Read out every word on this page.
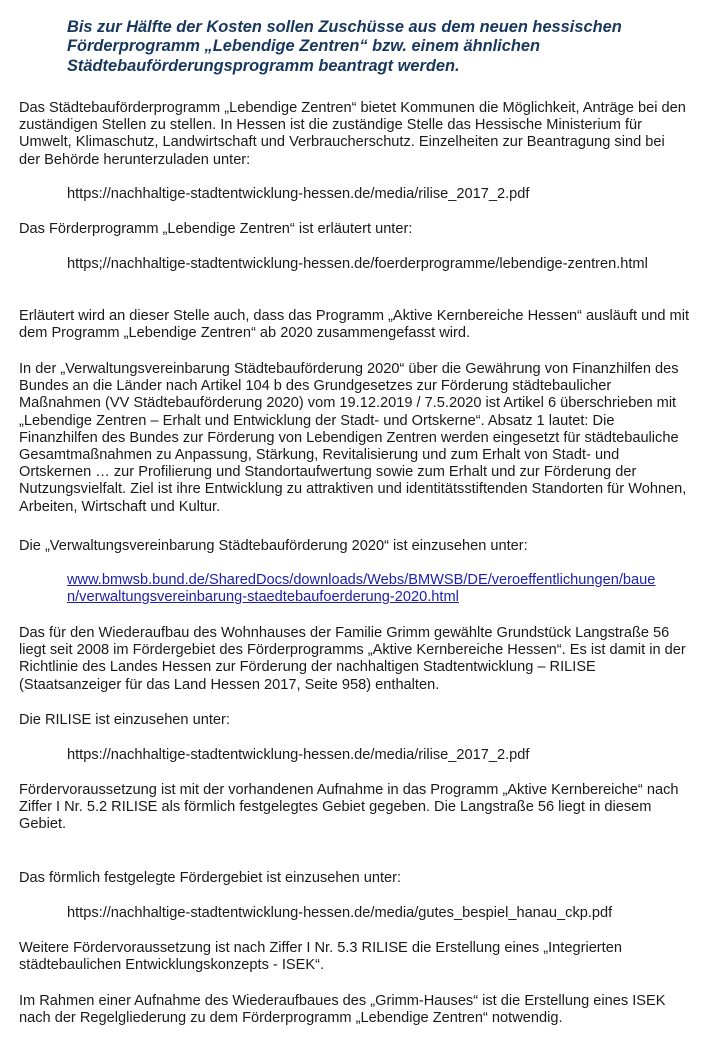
Bis zur Hälfte der Kosten sollen Zuschüsse aus dem neuen hessischen Förderprogramm „Lebendige Zentren“ bzw. einem ähnlichen Städtebauförderungsprogramm beantragt werden.

Das Städtebauförderprogramm „Lebendige Zentren“ bietet Kommunen die Möglichkeit, Anträge bei den zuständigen Stellen zu stellen. In Hessen ist die zuständige Stelle das Hessische Ministerium für Umwelt, Klimaschutz, Landwirtschaft und Verbraucherschutz. Einzelheiten zur Beantragung sind bei der Behörde herunterzuladen unter:

https://nachhaltige-stadtentwicklung-hessen.de/media/rilise_2017_2.pdf

Das Förderprogramm „Lebendige Zentren“ ist erläutert unter:

https;//nachhaltige-stadtentwicklung-hessen.de/foerderprogramme/lebendige-zentren.html

Erläutert wird an dieser Stelle auch, dass das Programm „Aktive Kernbereiche Hessen“ ausläuft und mit dem Programm „Lebendige Zentren“ ab 2020 zusammengefasst wird.

In der „Verwaltungsvereinbarung Städtebauförderung 2020“ über die Gewährung von Finanzhilfen des Bundes an die Länder nach Artikel 104 b des Grundgesetzes zur Förderung städtebaulicher Maßnahmen (VV Städtebauförderung 2020) vom 19.12.2019 / 7.5.2020 ist Artikel 6 überschrieben mit „Lebendige Zentren – Erhalt und Entwicklung der Stadt- und Ortskerne“. Absatz 1 lautet: Die Finanzhilfen des Bundes zur Förderung von Lebendigen Zentren werden eingesetzt für städtebauliche Gesamtmaßnahmen zu Anpassung, Stärkung, Revitalisierung und zum Erhalt von Stadt- und Ortskernen … zur Profilierung und Standortaufwertung sowie zum Erhalt und zur Förderung der Nutzungsvielfalt. Ziel ist ihre Entwicklung zu attraktiven und identitätsstiftenden Standorten für Wohnen, Arbeiten, Wirtschaft und Kultur.

Die „Verwaltungsvereinbarung Städtebauförderung 2020“ ist einzusehen unter:

www.bmwsb.bund.de/SharedDocs/downloads/Webs/BMWSB/DE/veroeffentlichungen/baue
n/verwaltungsvereinbarung-staedtebaufoerderung-2020.html

Das für den Wiederaufbau des Wohnhauses der Familie Grimm gewählte Grundstück Langstraße 56 liegt seit 2008 im Fördergebiet des Förderprogramms „Aktive Kernbereiche Hessen“. Es ist damit in der Richtlinie des Landes Hessen zur Förderung der nachhaltigen Stadtentwicklung – RILISE (Staatsanzeiger für das Land Hessen 2017, Seite 958) enthalten.

Die RILISE ist einzusehen unter:

https://nachhaltige-stadtentwicklung-hessen.de/media/rilise_2017_2.pdf

Fördervoraussetzung ist mit der vorhandenen Aufnahme in das Programm „Aktive Kernbereiche“ nach Ziffer I Nr. 5.2 RILISE als förmlich festgelegtes Gebiet gegeben. Die Langstraße 56 liegt in diesem Gebiet.

Das förmlich festgelegte Fördergebiet ist einzusehen unter:

https://nachhaltige-stadtentwicklung-hessen.de/media/gutes_bespiel_hanau_ckp.pdf

Weitere Fördervoraussetzung ist nach Ziffer I Nr. 5.3 RILISE die Erstellung eines „Integrierten städtebaulichen Entwicklungskonzepts - ISEK“.

Im Rahmen einer Aufnahme des Wiederaufbaues des „Grimm-Hauses“ ist die Erstellung eines ISEK nach der Regelgliederung zu dem Förderprogramm „Lebendige Zentren“ notwendig.
